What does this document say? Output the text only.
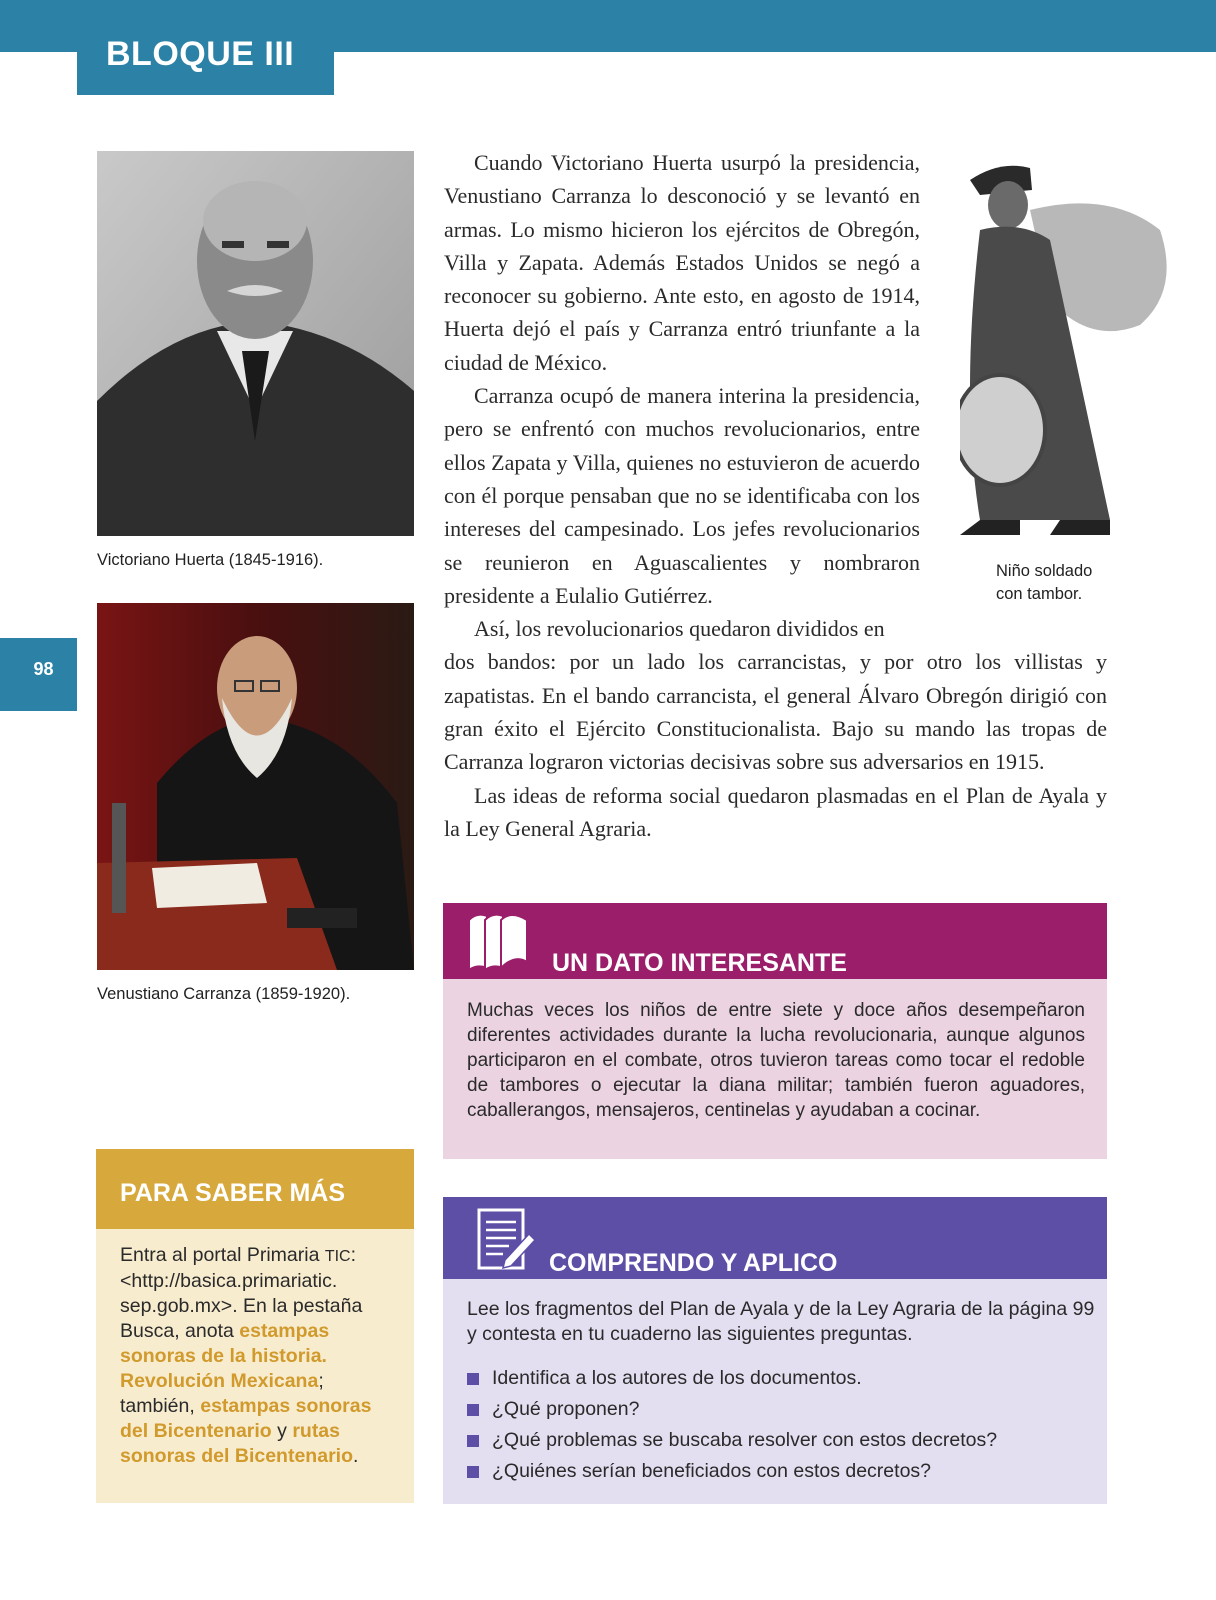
BLOQUE III
98
Victoriano Huerta (1845-1916).
Venustiano Carranza (1859-1920).
Niño soldado
con tambor.

Cuando Victoriano Huerta usurpó la presidencia, Venustiano Carranza lo desconoció y se levantó en armas. Lo mismo hicieron los ejércitos de Obregón, Villa y Zapata. Además Estados Unidos se negó a reconocer su gobierno. Ante esto, en agosto de 1914, Huerta dejó el país y Carranza entró triunfante a la ciudad de México.

Carranza ocupó de manera interina la presidencia, pero se enfrentó con muchos revolucionarios, entre ellos Zapata y Villa, quienes no estuvieron de acuerdo con él porque pensaban que no se identificaba con los intereses del campesinado. Los jefes revolucionarios se reunieron en Aguascalientes y nombraron presidente a Eulalio Gutiérrez.

Así, los revolucionarios quedaron divididos en

dos bandos: por un lado los carrancistas, y por otro los villistas y zapatistas. En el bando carrancista, el general Álvaro Obregón dirigió con gran éxito el Ejército Constitucionalista. Bajo su mando las tropas de Carranza lograron victorias decisivas sobre sus adversarios en 1915.

Las ideas de reforma social quedaron plasmadas en el Plan de Ayala y la Ley General Agraria.

UN DATO INTERESANTE
Muchas veces los niños de entre siete y doce años desempeñaron diferentes actividades durante la lucha revolucionaria, aunque algunos participaron en el combate, otros tuvieron tareas como tocar el redoble de tambores o ejecutar la diana militar; también fueron aguadores, caballerangos, mensajeros, centinelas y ayudaban a cocinar.
PARA SABER MÁS
Entra al portal Primaria TIC: <http://basica.primariatic. sep.gob.mx>. En la pestaña Busca, anota estampas sonoras de la historia. Revolución Mexicana; también, estampas sonoras del Bicentenario y rutas sonoras del Bicentenario.
COMPRENDO Y APLICO
Lee los fragmentos del Plan de Ayala y de la Ley Agraria de la página 99 y contesta en tu cuaderno las siguientes preguntas.
Identifica a los autores de los documentos.
¿Qué proponen?
¿Qué problemas se buscaba resolver con estos decretos?
¿Quiénes serían beneficiados con estos decretos?
